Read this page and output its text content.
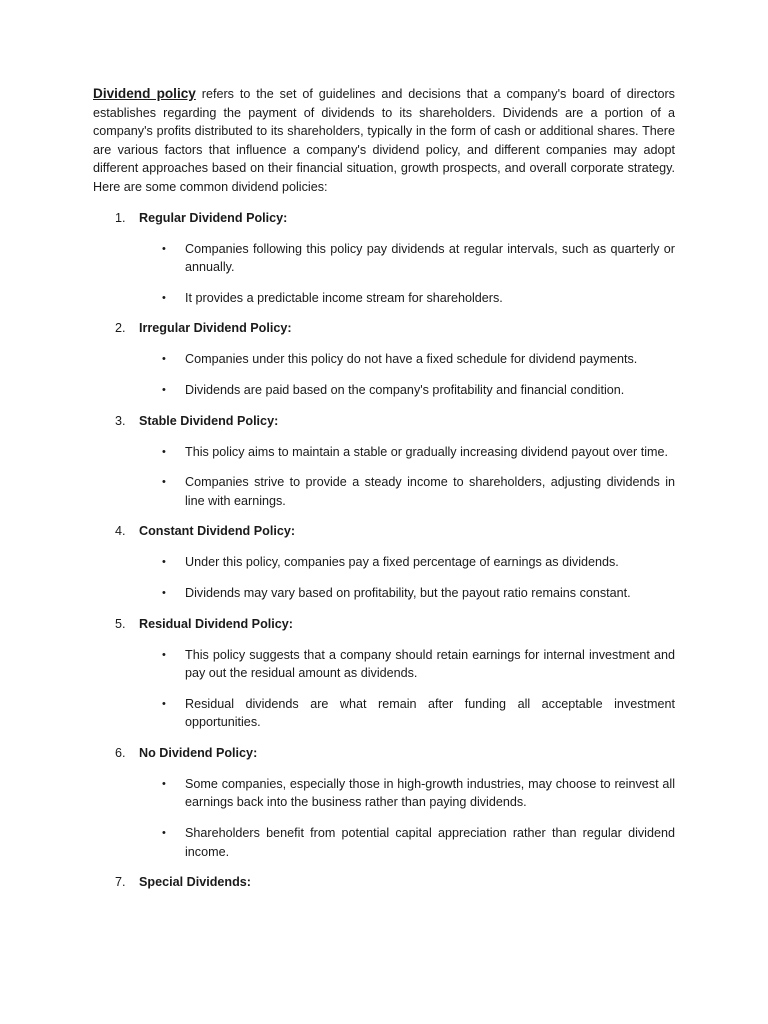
Dividend policy refers to the set of guidelines and decisions that a company's board of directors establishes regarding the payment of dividends to its shareholders. Dividends are a portion of a company's profits distributed to its shareholders, typically in the form of cash or additional shares. There are various factors that influence a company's dividend policy, and different companies may adopt different approaches based on their financial situation, growth prospects, and overall corporate strategy. Here are some common dividend policies:

1. Regular Dividend Policy:
• Companies following this policy pay dividends at regular intervals, such as quarterly or annually.
• It provides a predictable income stream for shareholders.
2. Irregular Dividend Policy:
• Companies under this policy do not have a fixed schedule for dividend payments.
• Dividends are paid based on the company's profitability and financial condition.
3. Stable Dividend Policy:
• This policy aims to maintain a stable or gradually increasing dividend payout over time.
• Companies strive to provide a steady income to shareholders, adjusting dividends in line with earnings.
4. Constant Dividend Policy:
• Under this policy, companies pay a fixed percentage of earnings as dividends.
• Dividends may vary based on profitability, but the payout ratio remains constant.
5. Residual Dividend Policy:
• This policy suggests that a company should retain earnings for internal investment and pay out the residual amount as dividends.
• Residual dividends are what remain after funding all acceptable investment opportunities.
6. No Dividend Policy:
• Some companies, especially those in high-growth industries, may choose to reinvest all earnings back into the business rather than paying dividends.
• Shareholders benefit from potential capital appreciation rather than regular dividend income.
7. Special Dividends:
